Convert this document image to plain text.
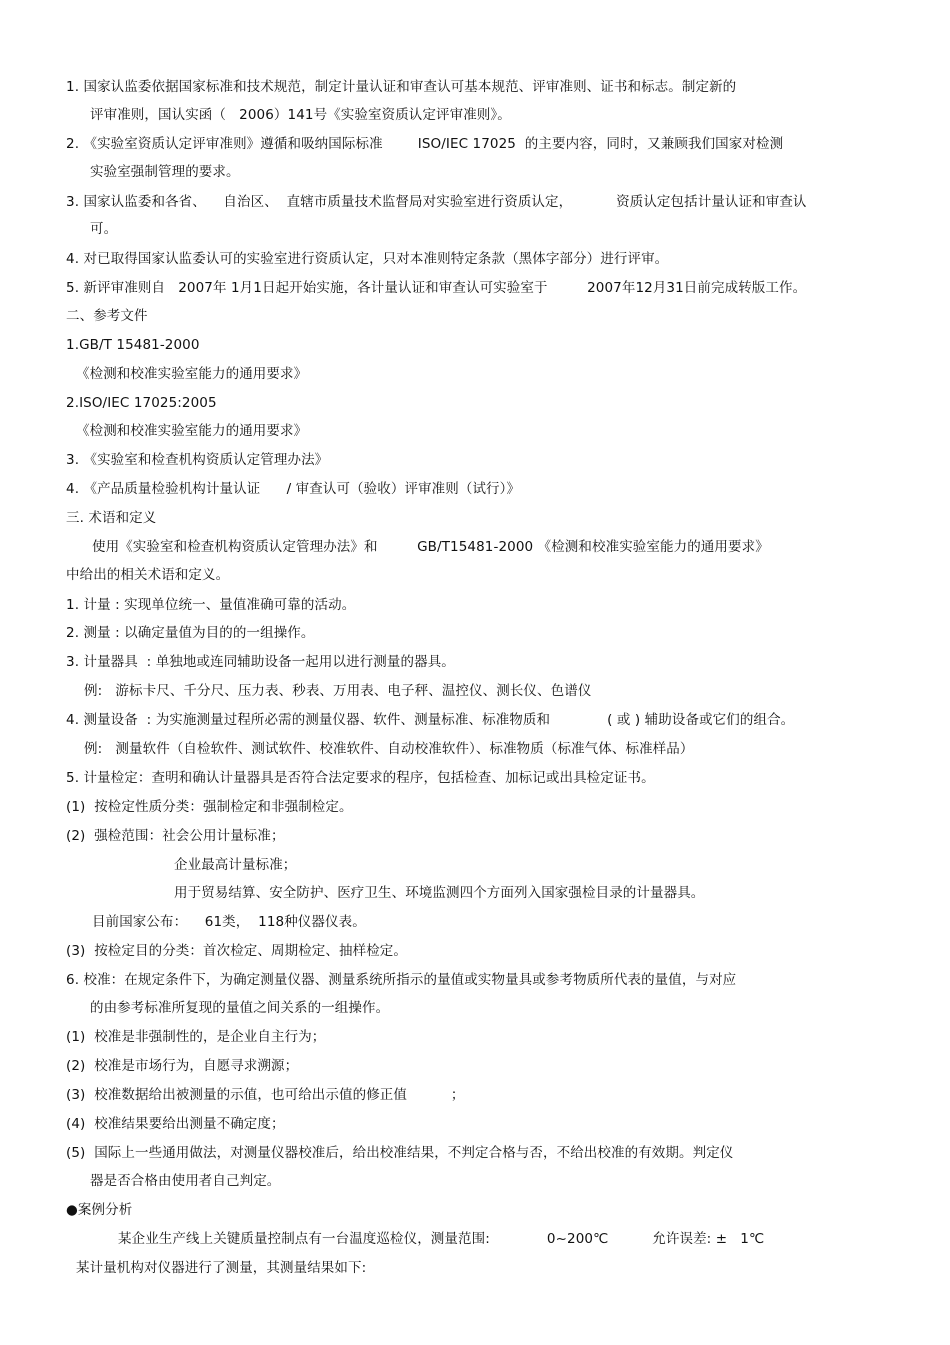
1. 国家认监委依据国家标准和技术规范，制定计量认证和审查认可基本规范、评审准则、证书和标志。制定新的
评审准则，国认实函（   2006）141号《实验室资质认定评审准则》。
2. 《实验室资质认定评审准则》遵循和吸纳国际标准        ISO/IEC 17025  的主要内容，同时，又兼顾我们国家对检测
实验室强制管理的要求。
3. 国家认监委和各省、    自治区、  直辖市质量技术监督局对实验室进行资质认定，          资质认定包括计量认证和审查认
可。
4. 对已取得国家认监委认可的实验室进行资质认定，只对本准则特定条款（黑体字部分）进行评审。
5. 新评审准则自   2007年 1月1日起开始实施，各计量认证和审查认可实验室于         2007年12月31日前完成转版工作。
二、参考文件
1.GB/T 15481-2000
《检测和校准实验室能力的通用要求》
2.ISO/IEC 17025:2005
《检测和校准实验室能力的通用要求》
3. 《实验室和检查机构资质认定管理办法》
4. 《产品质量检验机构计量认证      / 审查认可（验收）评审准则（试行）》
三. 术语和定义
使用《实验室和检查机构资质认定管理办法》和         GB/T15481-2000 《检测和校准实验室能力的通用要求》
中给出的相关术语和定义。
1. 计量 : 实现单位统一、量值准确可靠的活动。
2. 测量 : 以确定量值为目的的一组操作。
3. 计量器具  : 单独地或连同辅助设备一起用以进行测量的器具。
例:   游标卡尺、千分尺、压力表、秒表、万用表、电子秤、温控仪、测长仪、色谱仪
4. 测量设备  : 为实施测量过程所必需的测量仪器、软件、测量标准、标准物质和             ( 或 ) 辅助设备或它们的组合。
例:   测量软件（自检软件、测试软件、校准软件、自动校准软件）、标准物质（标准气体、标准样品）
5. 计量检定：查明和确认计量器具是否符合法定要求的程序，包括检查、加标记或出具检定证书。
(1)  按检定性质分类：强制检定和非强制检定。
(2)  强检范围：社会公用计量标准；
企业最高计量标准；
用于贸易结算、安全防护、医疗卫生、环境监测四个方面列入国家强检目录的计量器具。
目前国家公布：    61类，  118种仪器仪表。
(3)  按检定目的分类：首次检定、周期检定、抽样检定。
6. 校准：在规定条件下，为确定测量仪器、测量系统所指示的量值或实物量具或参考物质所代表的量值，与对应
的由参考标准所复现的量值之间关系的一组操作。
(1)  校准是非强制性的，是企业自主行为；
(2)  校准是市场行为，自愿寻求溯源；
(3)  校准数据给出被测量的示值，也可给出示值的修正值          ；
(4)  校准结果要给出测量不确定度；
(5)  国际上一些通用做法，对测量仪器校准后，给出校准结果，不判定合格与否，不给出校准的有效期。判定仪
器是否合格由使用者自己判定。
●案例分析
某企业生产线上关键质量控制点有一台温度巡检仪，测量范围:             0~200℃          允许误差: ±   1℃
某计量机构对仪器进行了测量，其测量结果如下:
